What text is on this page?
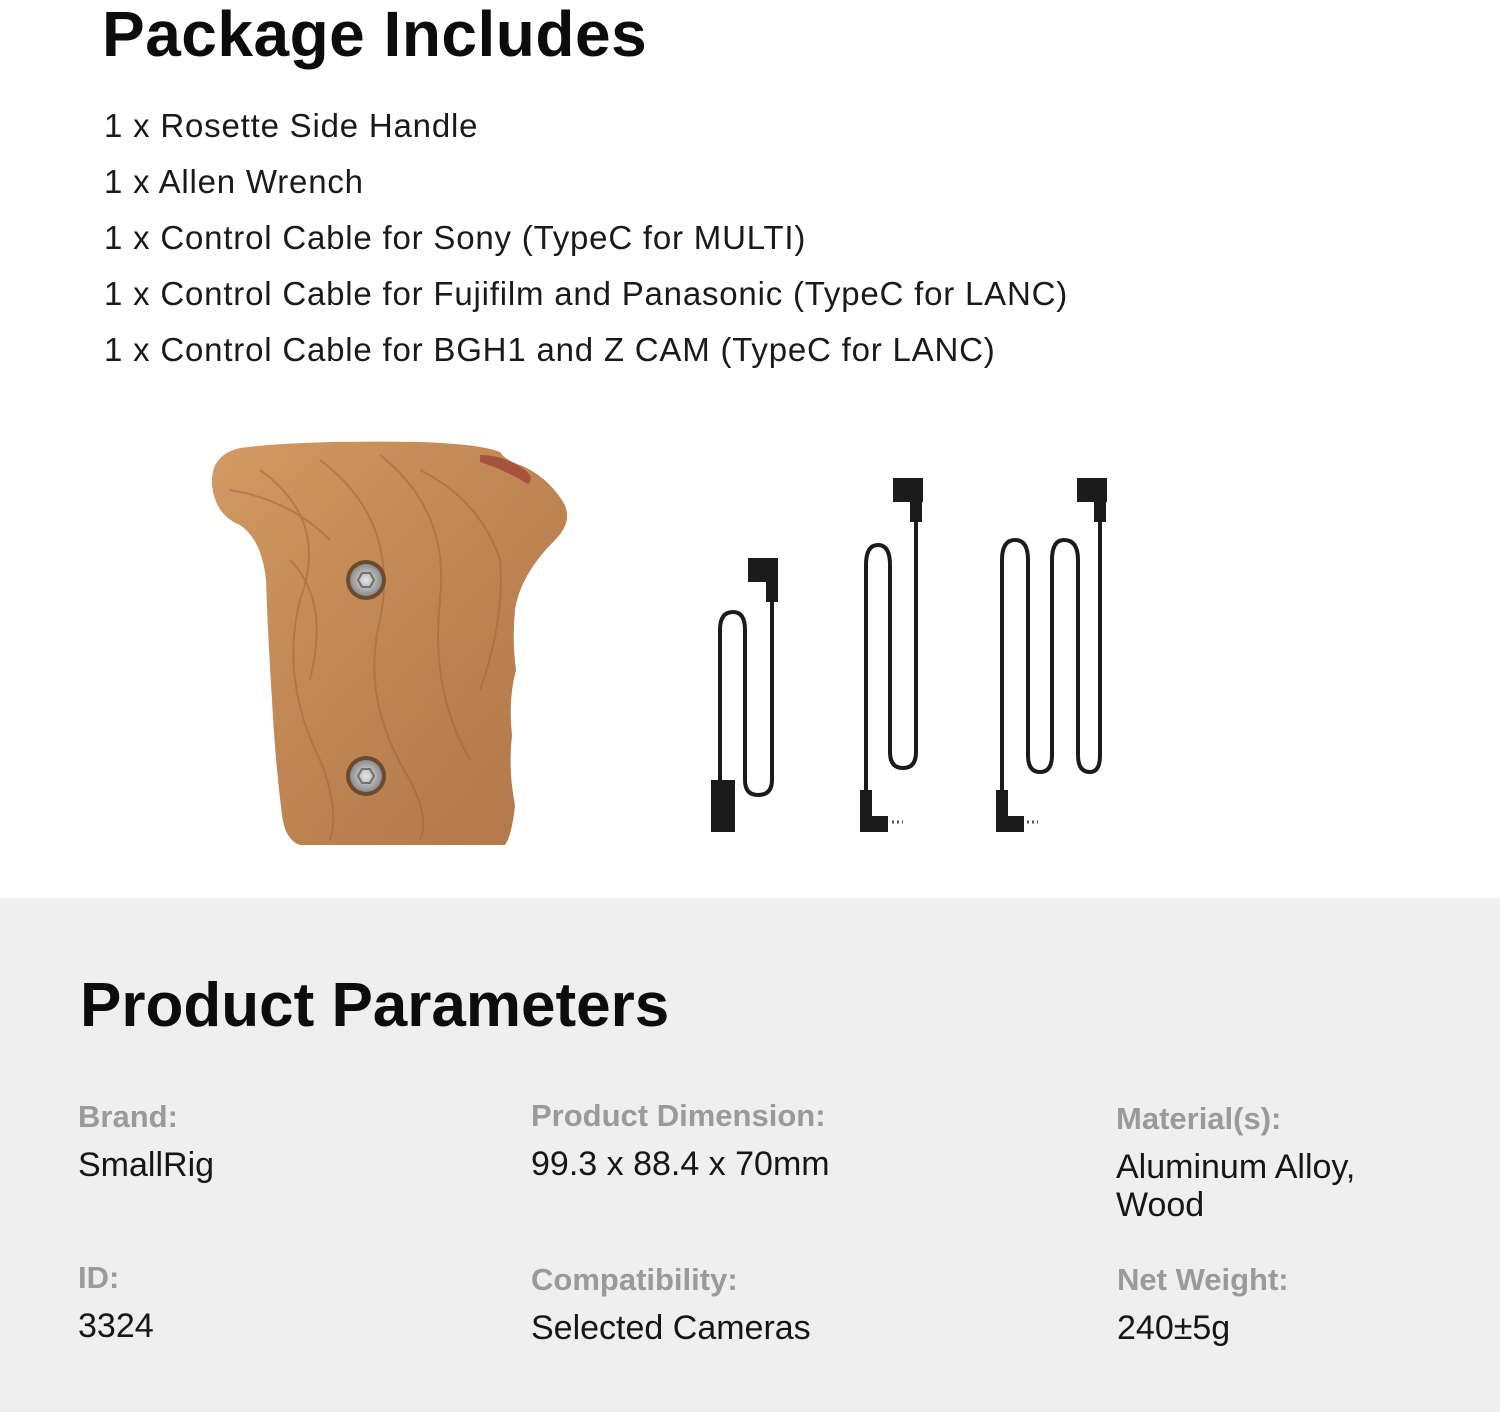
Package Includes
1 x Rosette Side Handle
1 x Allen Wrench
1 x Control Cable for Sony (TypeC for MULTI)
1 x Control Cable for Fujifilm and Panasonic (TypeC for LANC)
1 x Control Cable for BGH1 and Z CAM (TypeC for LANC)
Product Parameters
Brand:
SmallRig
Product Dimension:
99.3 x 88.4 x 70mm
Material(s):
Aluminum Alloy, Wood
ID:
3324
Compatibility:
Selected Cameras
Net Weight:
240±5g
